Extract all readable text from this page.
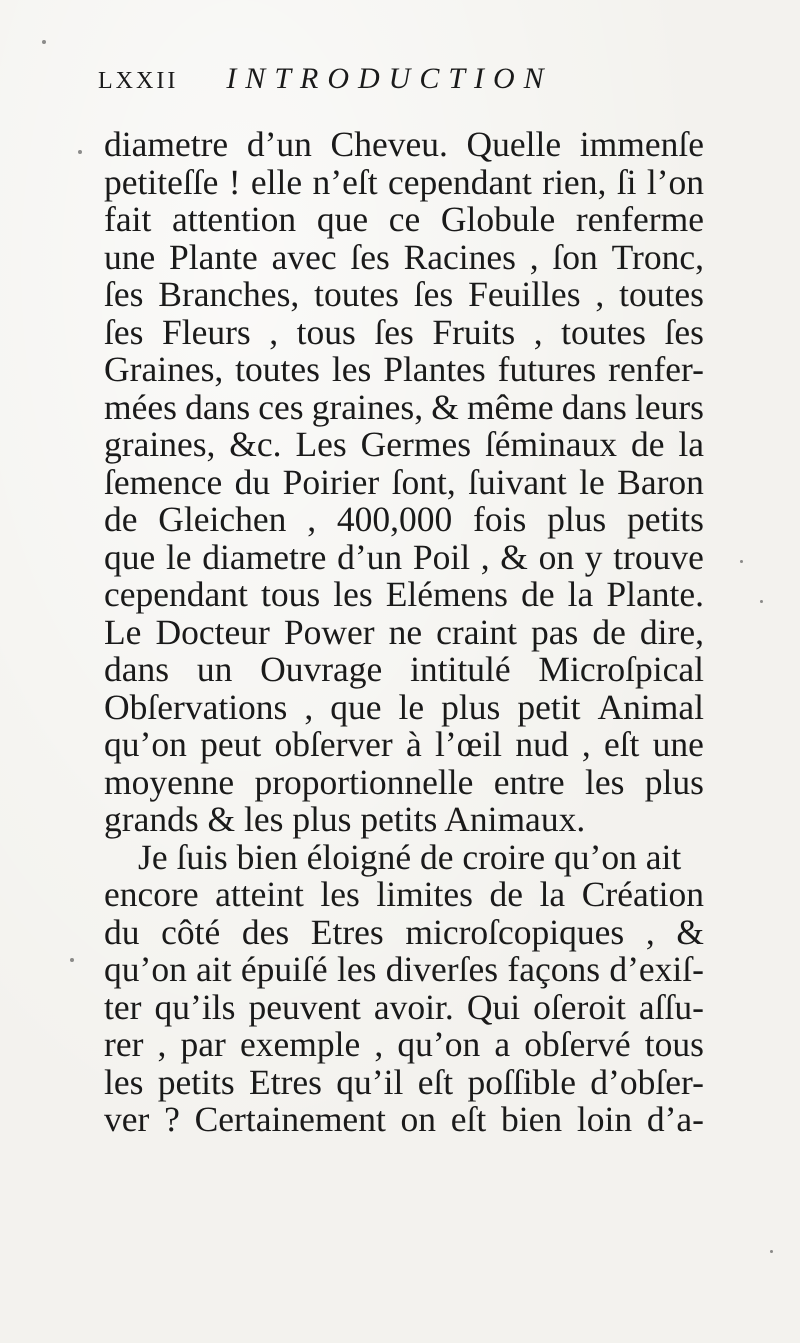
LXXII INTRODUCTION
diametre d’un Cheveu. Quelle immenſe
petiteſſe ! elle n’eſt cependant rien, ſi l’on
fait attention que ce Globule renferme
une Plante avec ſes Racines , ſon Tronc,
ſes Branches, toutes ſes Feuilles , toutes
ſes Fleurs , tous ſes Fruits , toutes ſes
Graines, toutes les Plantes futures renfer-
mées dans ces graines, & même dans leurs
graines, &c. Les Germes ſéminaux de la
ſemence du Poirier ſont, ſuivant le Baron
de Gleichen , 400,000 fois plus petits
que le diametre d’un Poil , & on y trouve
cependant tous les Elémens de la Plante.
Le Docteur Power ne craint pas de dire,
dans un Ouvrage intitulé Microſpical
Obſervations , que le plus petit Animal
qu’on peut obſerver à l’œil nud , eſt une
moyenne proportionnelle entre les plus
grands & les plus petits Animaux.
Je ſuis bien éloigné de croire qu’on ait
encore atteint les limites de la Création
du côté des Etres microſcopiques , &
qu’on ait épuiſé les diverſes façons d’exiſ-
ter qu’ils peuvent avoir. Qui oſeroit aſſu-
rer , par exemple , qu’on a obſervé tous
les petits Etres qu’il eſt poſſible d’obſer-
ver ? Certainement on eſt bien loin d’a-
